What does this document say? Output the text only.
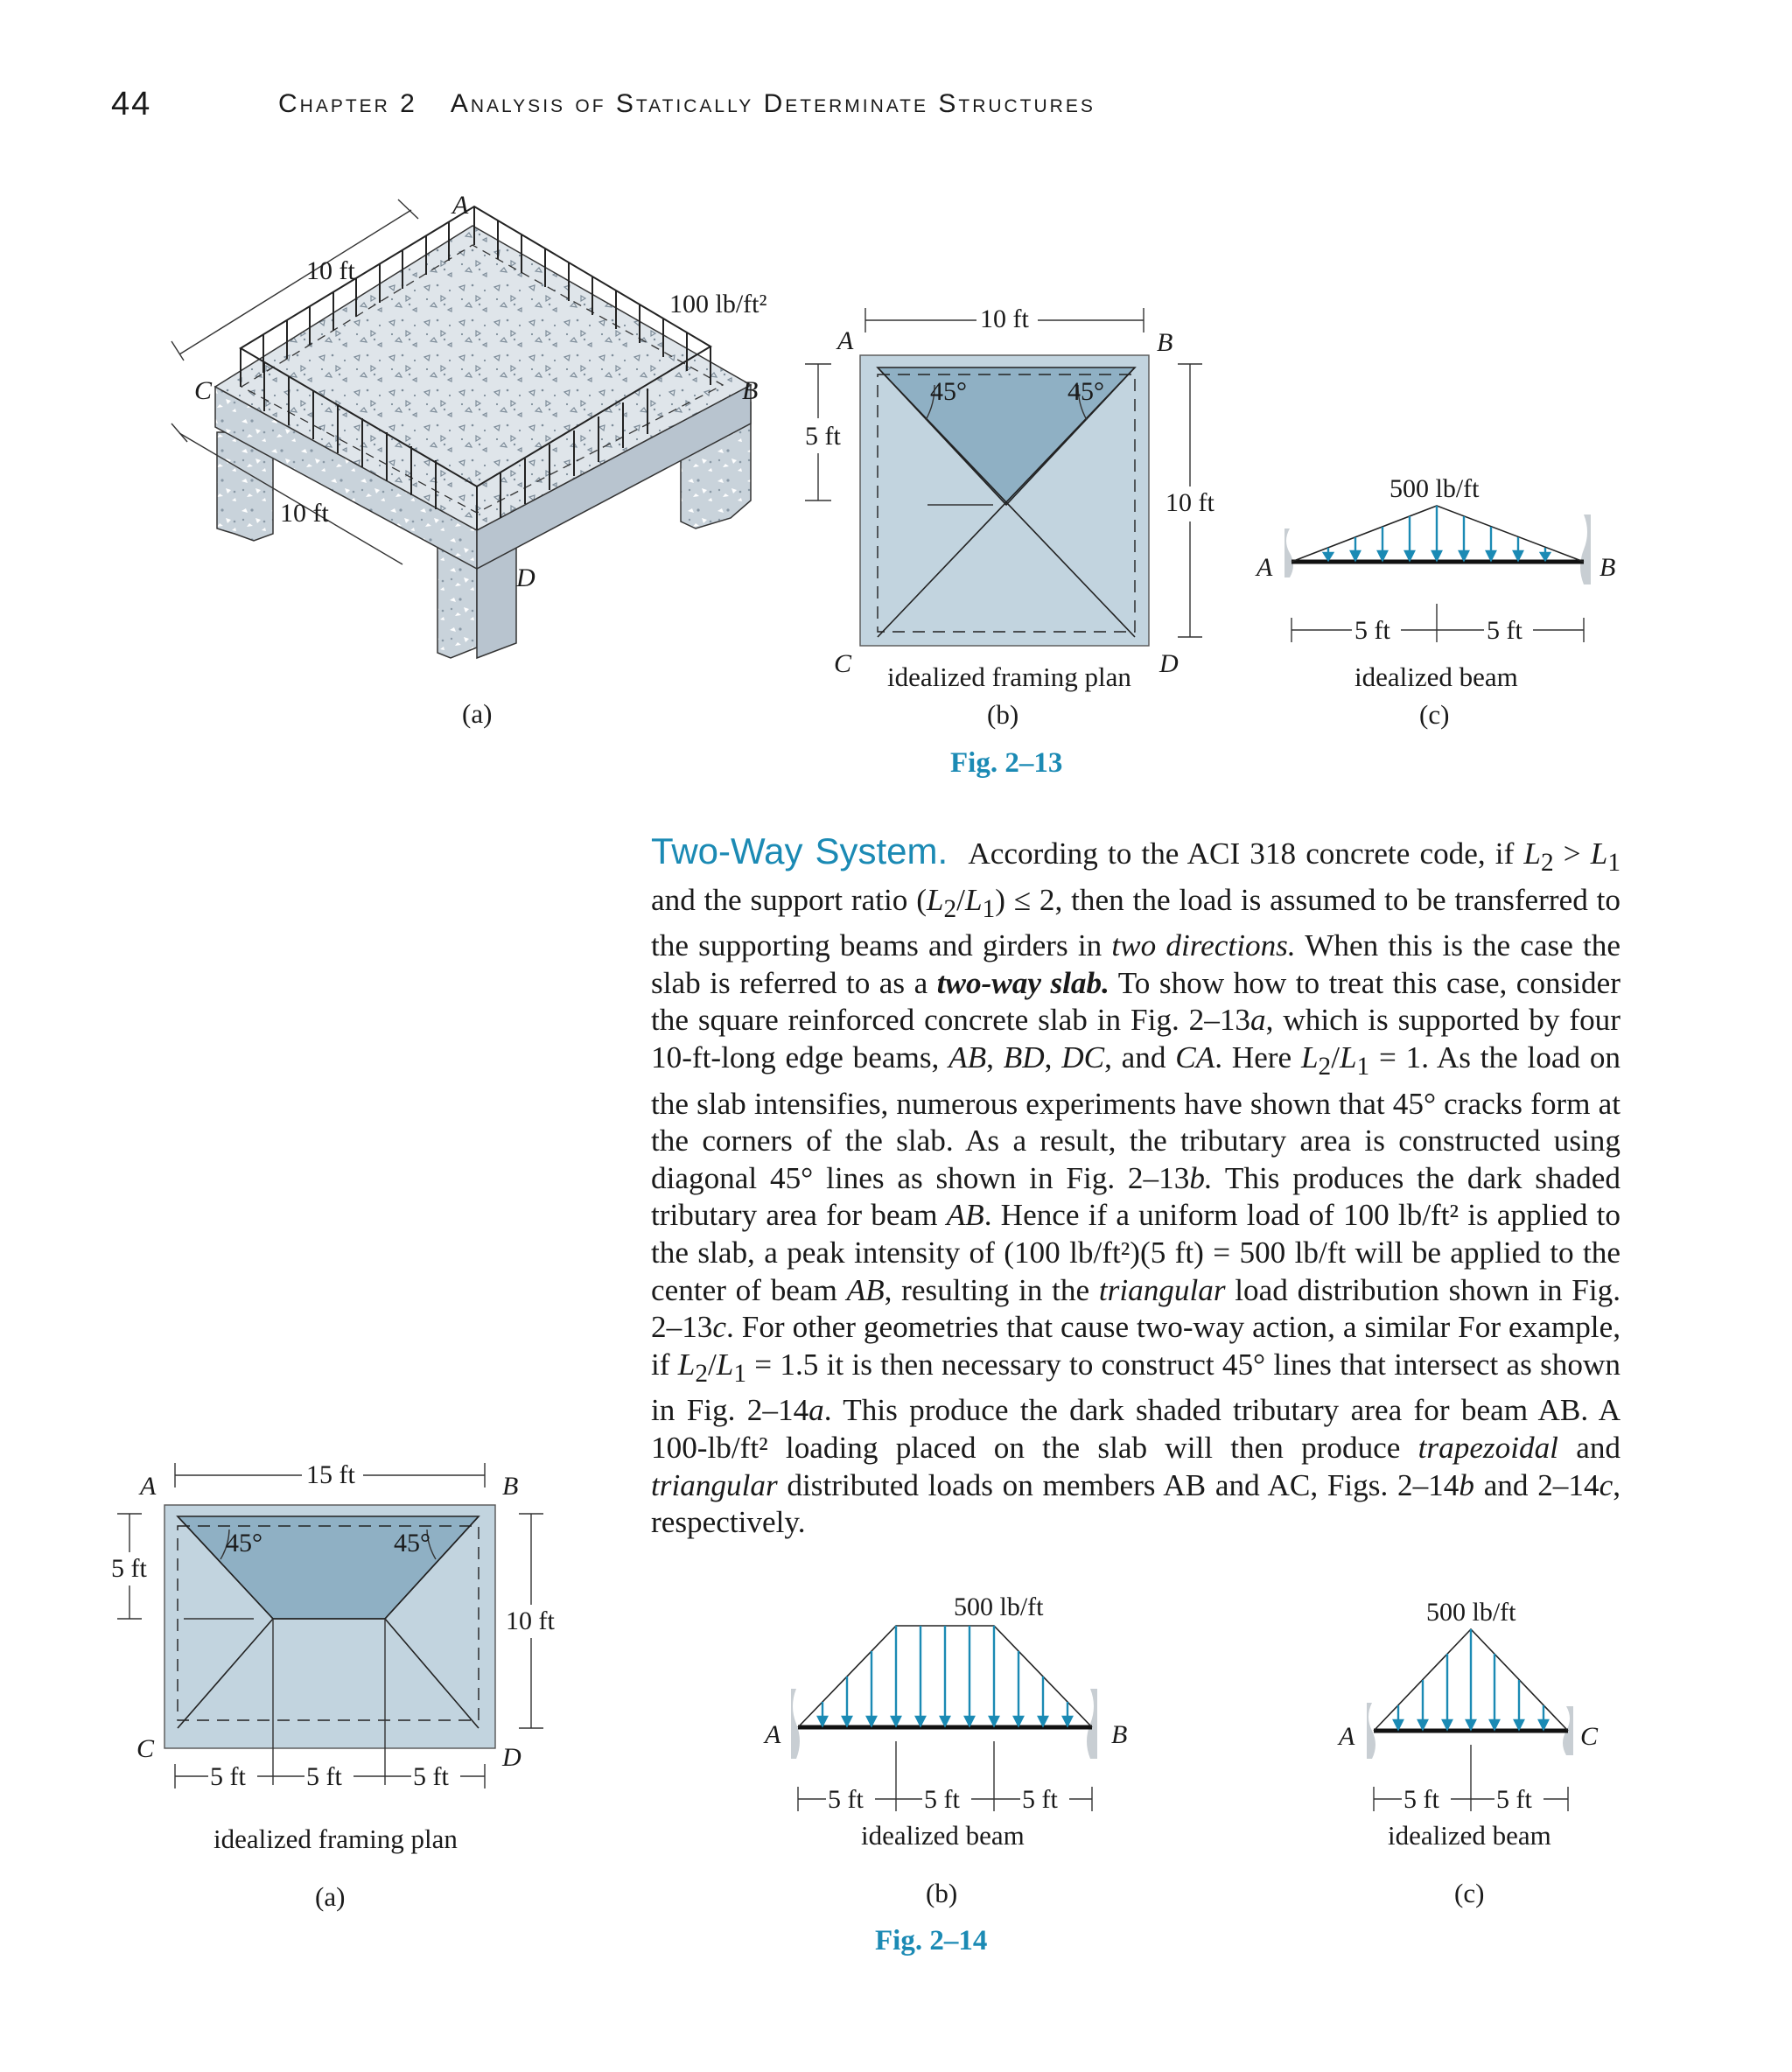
44	Chapter 2 Analysis of Statically Determinate Structures
10 ft
10 ft
100 lb/ft²
A
B
C
D
(a)
45°	45°
10 ft
5 ft
10 ft
A	B
C	D
idealized framing plan
(b)
Fig. 2–13
500 lb/ft
A	B
5 ft	5 ft
idealized beam
(c)

Two-Way System. According to the ACI 318 concrete code, if $L_2 > L_1$ and the support ratio $(L_2/L_1) \le 2$, then the load is assumed to be transferred to the supporting beams and girders in two directions. When this is the case the slab is referred to as a two-way slab. To show how to treat this case, consider the square reinforced concrete slab in Fig. 2–13a, which is supported by four 10-ft-long edge beams, AB, BD, DC, and CA. Here $L_2/L_1 = 1$. As the load on the slab intensifies, numerous experiments have shown that 45° cracks form at the corners of the slab. As a result, the tributary area is constructed using diagonal 45° lines as shown in Fig. 2–13b. This produces the dark shaded tributary area for beam AB. Hence if a uniform load of 100 lb/ft² is applied to the slab, a peak intensity of (100 lb/ft²)(5 ft) = 500 lb/ft will be applied to the center of beam AB, resulting in the triangular load distribution shown in Fig. 2–13c. For other geometries that cause two-way action, a similar For example, if $L_2/L_1 = 1.5$ it is then necessary to construct 45° lines that intersect as shown in Fig. 2–14a. This produce the dark shaded tributary area for beam AB. A 100-lb/ft² loading placed on the slab will then produce trapezoidal and triangular distributed loads on members AB and AC, Figs. 2–14b and 2–14c, respectively.

45°	45°
15 ft
5 ft
10 ft
5 ft 5 ft	5 ft
A	B
C	D
idealized framing plan
(a)
500 lb/ft
A	B
5 ft 5 ft 5 ft
idealized beam
(b)
Fig. 2–14
500 lb/ft
A	C
5 ft 5 ft
idealized beam
(c)
